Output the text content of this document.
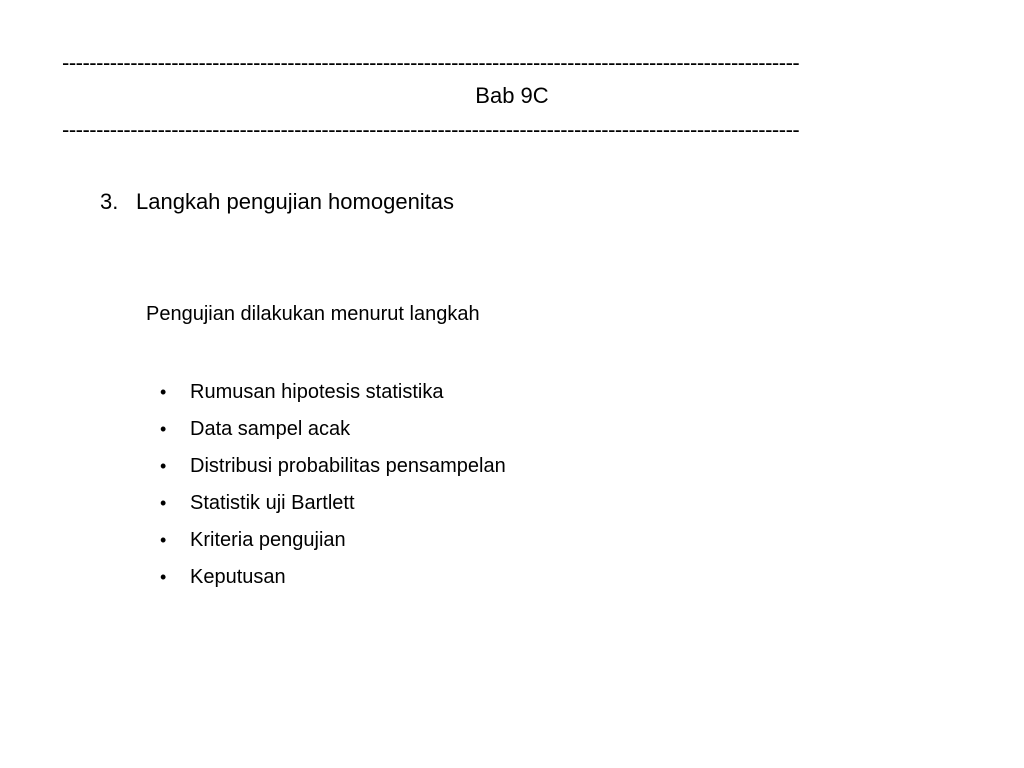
------------------------------------------------------------------------------------------------------------
Bab 9C
------------------------------------------------------------------------------------------------------------
3. Langkah pengujian homogenitas
Pengujian dilakukan menurut langkah
•	Rumusan hipotesis statistika
•	Data sampel acak
•	Distribusi probabilitas pensampelan
•	Statistik uji Bartlett
•	Kriteria pengujian
•	Keputusan
